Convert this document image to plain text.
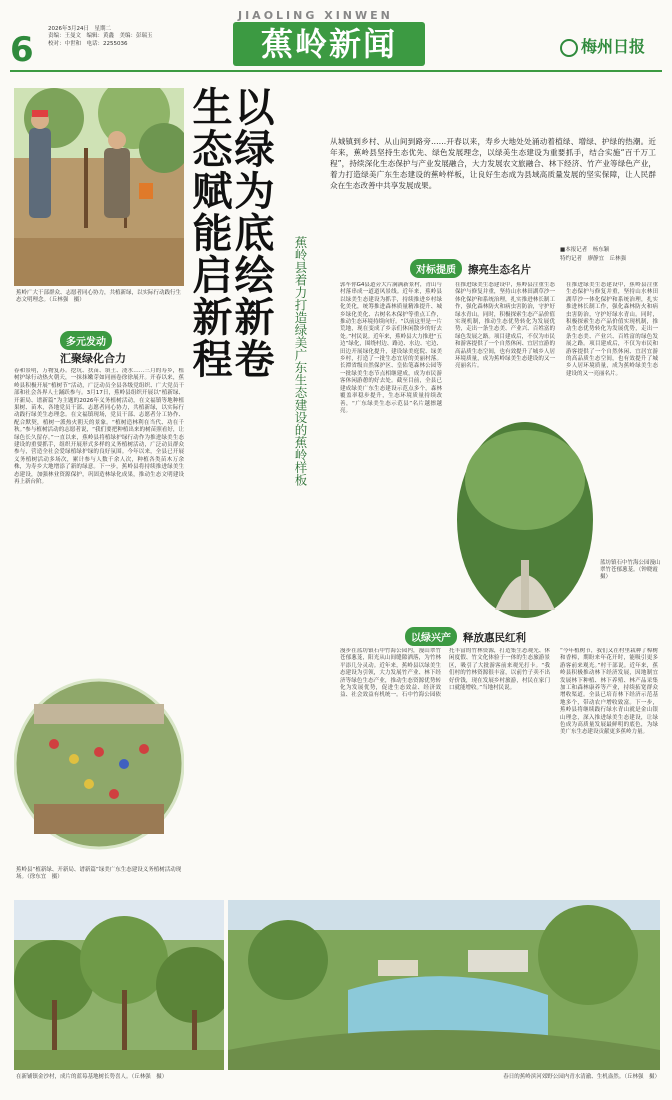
6
2026年3月24日　星期二
责编：王曼文　编辑：黄鑫　美编：彭瑞玉
校对：中世和　电话：2255036
JIAOLING XINWEN
蕉岭新闻	梅州日报
蕉岭广大干部群众、志愿者同心协力，共植新绿，以实际行动践行生态文明理念。（丘林强　摄）
多元发动
汇聚绿化合力
春和景明，万物复苏。挖坑、扶苗、填土、浇水……三月的寿乡，植树护绿行动热火朝天，一抹抹嫩芽如同画卷徐徐展开。开春以来，蕉岭县积极开展“植树节”活动，广泛动员全县各级党组织、广大党员干部和社会各界人士踊跃参与。3月17日，蕉岭县组织开展以“植新绿、开新局、谱新篇”为主题的2026年义务植树活动，在文福镇等地种植果树、苗木，各地党员干部、志愿者同心协力，共植新绿，以实际行动践行绿美生态理念。在文福镇现场，党员干部、志愿者分工协作、配合默契，植树一派热火朝天的景象。“植树造林利在当代、功在千秋。”参与植树活动的志愿者说，“我们要把种植出来的树苗照看好，让绿色长久留存。”一直以来，蕉岭县将植绿护绿行动作为推进绿美生态建设的重要抓手，组织开展形式多样的义务植树活动，广泛动员群众参与，营造全社会爱绿植绿护绿的良好氛围。今年以来，全县已开展义务植树活动多场次，累计参与人数千余人次，种植各类苗木万余株，为寿乡大地增添了新的绿意。下一步，蕉岭县将持续推进绿美生态建设，加强林业资源保护，巩固造林绿化成果，推动生态文明建设再上新台阶。
蕉岭县“植新绿、开新局、谱新篇”绿美广东生态建设义务植树活动现场。（徐东宜　摄）
在新铺镇金沙村，成片的蓝莓基地树长势喜人。（丘林强　摄）	春日的蕉岭滨河郊野公园内青水清澈、生机盎然。（丘林强　摄）
以绿为底绘新卷
生态赋能启新程	蕉岭县着力打造绿美广东生态建设的蕉岭样板
从城镇到乡村、从山间到路旁……开春以来，寿乡大地处处涌动着植绿、增绿、护绿的热潮。近年来，蕉岭县坚持生态优先、绿色发展理念，以绿美生态建设为重要抓手，结合实施“百千万工程”，持续深化生态保护与产业发展融合，大力发展农文旅融合、林下经济、竹产业等绿色产业，着力打造绿美广东生态建设的蕉岭样板，让良好生态成为县域高质量发展的坚实保障，让人民群众在生态改善中共享发展成果。
■本报记者　杨东颖
特约记者　廖静宜　丘林强
对标提质 擦亮生态名片
郭车你G4县道旁大片满满新景村，青山与村落串成一道道风景线。近年来，蕉岭县以绿美生态建设为抓手，持续推进乡村绿化美化，统筹推进森林质量精准提升、城乡绿化美化、古树名木保护等重点工作，推动生态环境持续向好。“以前这里是一片荒地，现在变成了乡亲们休闲散步的好去处。”村民说。近年来，蕉岭县大力推进“五边”绿化，围绕村边、路边、水边、宅边、田边开展绿化提升，建设绿美庭院、绿美乡村，打造了一批生态宜居的美丽村落。长潭省级自然保护区、皇佑笔森林公园等一批绿美生态节点相继建成，成为市民游客休闲游憩的好去处。截至目前，全县已建成绿美广东生态建设示范点多个，森林覆盖率稳步提升，生态环境质量持续改善，“广东绿美生态示范县”名片越擦越亮。
在推进绿美生态建设中，蕉岭县注重生态保护与修复并重，坚持山水林田湖草沙一体化保护和系统治理，扎实推进林长制工作，强化森林防火和病虫害防治，守护好绿水青山。同时，积极探索生态产品价值实现机制，推动生态优势转化为发展优势，走出一条生态美、产业兴、百姓富的绿色发展之路。项目建成后，不仅为市民和游客提供了一个自然休闲、宜居宜游的高品质生态空间，也有效提升了城乡人居环境质量，成为蕉岭绿美生态建设的又一亮丽名片。
在推进绿美生态建设中，蕉岭县注重生态保护与修复并重，坚持山水林田湖草沙一体化保护和系统治理，扎实推进林长制工作，强化森林防火和病虫害防治，守护好绿水青山。同时，积极探索生态产品价值实现机制，推动生态优势转化为发展优势，走出一条生态美、产业兴、百姓富的绿色发展之路。项目建成后，不仅为市民和游客提供了一个自然休闲、宜居宜游的高品质生态空间，也有效提升了城乡人居环境质量，成为蕉岭绿美生态建设的又一亮丽名片。
蓝坊镇石中竹海公园漫山翠竹苍郁葱茏。（钟晓霞　摄）
以绿兴产 释放惠民红利
漫步在蓝坊镇石中竹海公园内，漫山翠竹苍郁葱茏，阳光从山间缝隙洒落，为竹林平添几分灵动。近年来，蕉岭县以绿美生态建设为引领，大力发展竹产业、林下经济等绿色生态产业，推动生态资源优势转化为发展优势，促进生态效益、经济效益、社会效益有机统一。石中竹海公园依托丰富的竹林资源，打造集生态观光、休闲度假、竹文化体验于一体的生态旅游景区，吸引了大批游客前来观光打卡。“我们村的竹林资源很丰富，以前竹子卖不出好价钱，现在发展乡村旅游，村民在家门口就能增收。”当地村民说。
“今年植树节，我们又在村里栽种了樟树和香樟，期盼来年花开时，能吸引更多游客前来观光。”村干部说。近年来，蕉岭县积极推动林下经济发展，因地制宜发展林下种植、林下养殖、林产品采集加工和森林康养等产业，持续拓宽群众增收渠道。全县已培育林下经济示范基地多个，带动农户增收致富。下一步，蕉岭县将继续践行绿水青山就是金山银山理念，深入推进绿美生态建设，让绿色成为高质量发展最鲜明的底色，为绿美广东生态建设贡献更多蕉岭力量。
